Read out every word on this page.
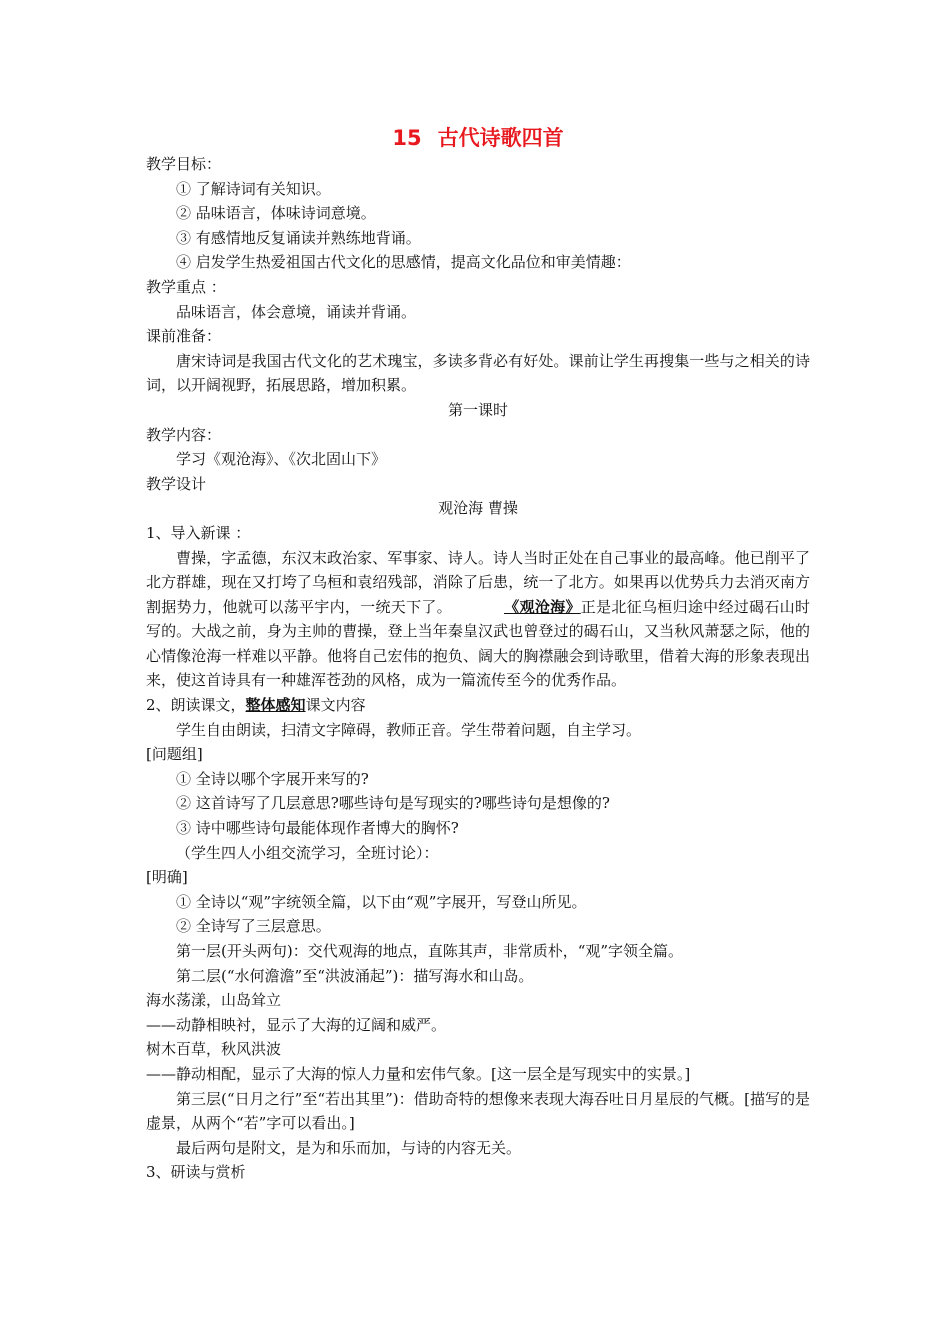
15 古代诗歌四首
教学目标：
① 了解诗词有关知识。
② 品味语言，体味诗词意境。
③ 有感情地反复诵读并熟练地背诵。
④ 启发学生热爱祖国古代文化的思感情，提高文化品位和审美情趣：
教学重点 ：
品味语言，体会意境，诵读并背诵。
课前准备：
唐宋诗词是我国古代文化的艺术瑰宝，多读多背必有好处。课前让学生再搜集一些与之相关的诗词，以开阔视野，拓展思路，增加积累。
第一课时
教学内容：
学习《观沧海》、《次北固山下》
教学设计
观沧海 曹操
1、导入新课 ：
曹操，字孟德，东汉末政治家、军事家、诗人。诗人当时正处在自己事业的最高峰。他已削平了北方群雄，现在又打垮了乌桓和袁绍残部，消除了后患，统一了北方。如果再以优势兵力去消灭南方割据势力，他就可以荡平宇内，一统天下了。	《观沧海》正是北征乌桓归途中经过碣石山时写的。大战之前，身为主帅的曹操，登上当年秦皇汉武也曾登过的碣石山，又当秋风萧瑟之际，他的心情像沧海一样难以平静。他将自己宏伟的抱负、阔大的胸襟融会到诗歌里，借着大海的形象表现出来，使这首诗具有一种雄浑苍劲的风格，成为一篇流传至今的优秀作品。
2、朗读课文，整体感知课文内容
学生自由朗读，扫清文字障碍，教师正音。学生带着问题，自主学习。
[问题组]
① 全诗以哪个字展开来写的?
② 这首诗写了几层意思?哪些诗句是写现实的?哪些诗句是想像的?
③ 诗中哪些诗句最能体现作者博大的胸怀?
（学生四人小组交流学习，全班讨论）：
[明确]
① 全诗以“观”字统领全篇，以下由“观”字展开，写登山所见。
② 全诗写了三层意思。
第一层(开头两句)：交代观海的地点，直陈其声，非常质朴，“观”字领全篇。
第二层(“水何澹澹”至“洪波涌起”)：描写海水和山岛。
海水荡漾，山岛耸立
——动静相映衬，显示了大海的辽阔和威严。
树木百草，秋风洪波
——静动相配，显示了大海的惊人力量和宏伟气象。[这一层全是写现实中的实景。]
第三层(“日月之行”至“若出其里”)：借助奇特的想像来表现大海吞吐日月星辰的气概。[描写的是虚景，从两个“若”字可以看出。]
最后两句是附文，是为和乐而加，与诗的内容无关。
3、研读与赏析
